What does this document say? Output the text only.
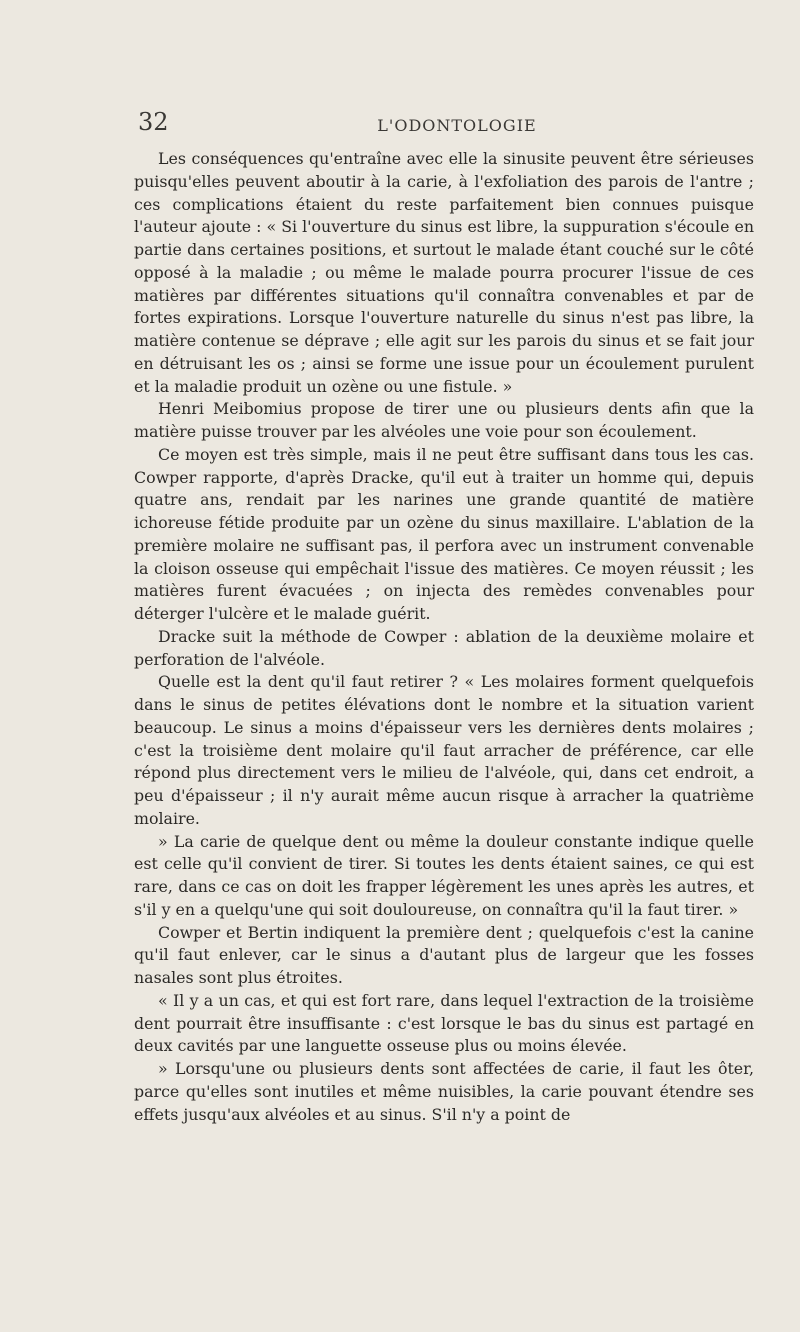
32	L'ODONTOLOGIE

Les conséquences qu'entraîne avec elle la sinusite peuvent être sérieuses puisqu'elles peuvent aboutir à la carie, à l'exfoliation des parois de l'antre ; ces complications étaient du reste parfaitement bien connues puisque l'auteur ajoute : « Si l'ouverture du sinus est libre, la suppuration s'écoule en partie dans certaines positions, et surtout le malade étant couché sur le côté opposé à la maladie ; ou même le malade pourra procurer l'issue de ces matières par différentes situations qu'il connaîtra convenables et par de fortes expirations. Lorsque l'ouverture naturelle du sinus n'est pas libre, la matière contenue se déprave ; elle agit sur les parois du sinus et se fait jour en détruisant les os ; ainsi se forme une issue pour un écoulement purulent et la maladie produit un ozène ou une fistule. »

Henri Meibomius propose de tirer une ou plusieurs dents afin que la matière puisse trouver par les alvéoles une voie pour son écoulement.

Ce moyen est très simple, mais il ne peut être suffisant dans tous les cas. Cowper rapporte, d'après Dracke, qu'il eut à traiter un homme qui, depuis quatre ans, rendait par les narines une grande quantité de matière ichoreuse fétide produite par un ozène du sinus maxillaire. L'ablation de la première molaire ne suffisant pas, il perfora avec un instrument convenable la cloison osseuse qui empêchait l'issue des matières. Ce moyen réussit ; les matières furent évacuées ; on injecta des remèdes convenables pour déterger l'ulcère et le malade guérit.

Dracke suit la méthode de Cowper : ablation de la deuxième molaire et perforation de l'alvéole.

Quelle est la dent qu'il faut retirer ? « Les molaires forment quelquefois dans le sinus de petites élévations dont le nombre et la situation varient beaucoup. Le sinus a moins d'épaisseur vers les dernières dents molaires ; c'est la troisième dent molaire qu'il faut arracher de préférence, car elle répond plus directement vers le milieu de l'alvéole, qui, dans cet endroit, a peu d'épaisseur ; il n'y aurait même aucun risque à arracher la quatrième molaire.

» La carie de quelque dent ou même la douleur constante indique quelle est celle qu'il convient de tirer. Si toutes les dents étaient saines, ce qui est rare, dans ce cas on doit les frapper légèrement les unes après les autres, et s'il y en a quelqu'une qui soit douloureuse, on connaîtra qu'il la faut tirer. »

Cowper et Bertin indiquent la première dent ; quelquefois c'est la canine qu'il faut enlever, car le sinus a d'autant plus de largeur que les fosses nasales sont plus étroites.

« Il y a un cas, et qui est fort rare, dans lequel l'extraction de la troisième dent pourrait être insuffisante : c'est lorsque le bas du sinus est partagé en deux cavités par une languette osseuse plus ou moins élevée.

» Lorsqu'une ou plusieurs dents sont affectées de carie, il faut les ôter, parce qu'elles sont inutiles et même nuisibles, la carie pouvant étendre ses effets jusqu'aux alvéoles et au sinus. S'il n'y a point de
